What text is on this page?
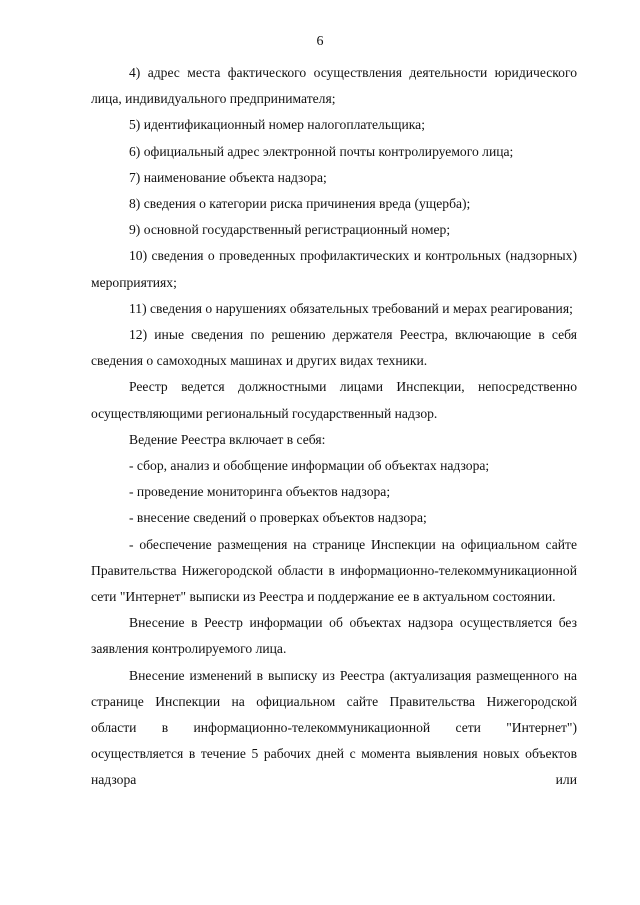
6

4) адрес места фактического осуществления деятельности юридического лица, индивидуального предпринимателя;

5) идентификационный номер налогоплательщика;

6) официальный адрес электронной почты контролируемого лица;

7) наименование объекта надзора;

8) сведения о категории риска причинения вреда (ущерба);

9) основной государственный регистрационный номер;

10) сведения о проведенных профилактических и контрольных (надзорных) мероприятиях;

11) сведения о нарушениях обязательных требований и мерах реагирования;

12) иные сведения по решению держателя Реестра, включающие в себя сведения о самоходных машинах и других видах техники.

Реестр ведется должностными лицами Инспекции, непосредственно осуществляющими региональный государственный надзор.

Ведение Реестра включает в себя:

- сбор, анализ и обобщение информации об объектах надзора;

- проведение мониторинга объектов надзора;

- внесение сведений о проверках объектов надзора;

- обеспечение размещения на странице Инспекции на официальном сайте Правительства Нижегородской области в информационно-телекоммуникационной сети "Интернет" выписки из Реестра и поддержание ее в актуальном состоянии.

Внесение в Реестр информации об объектах надзора осуществляется без заявления контролируемого лица.

Внесение изменений в выписку из Реестра (актуализация размещенного на странице Инспекции на официальном сайте Правительства Нижегородской области в информационно-телекоммуникационной сети "Интернет") осуществляется в течение 5 рабочих дней с момента выявления новых объектов надзора или
